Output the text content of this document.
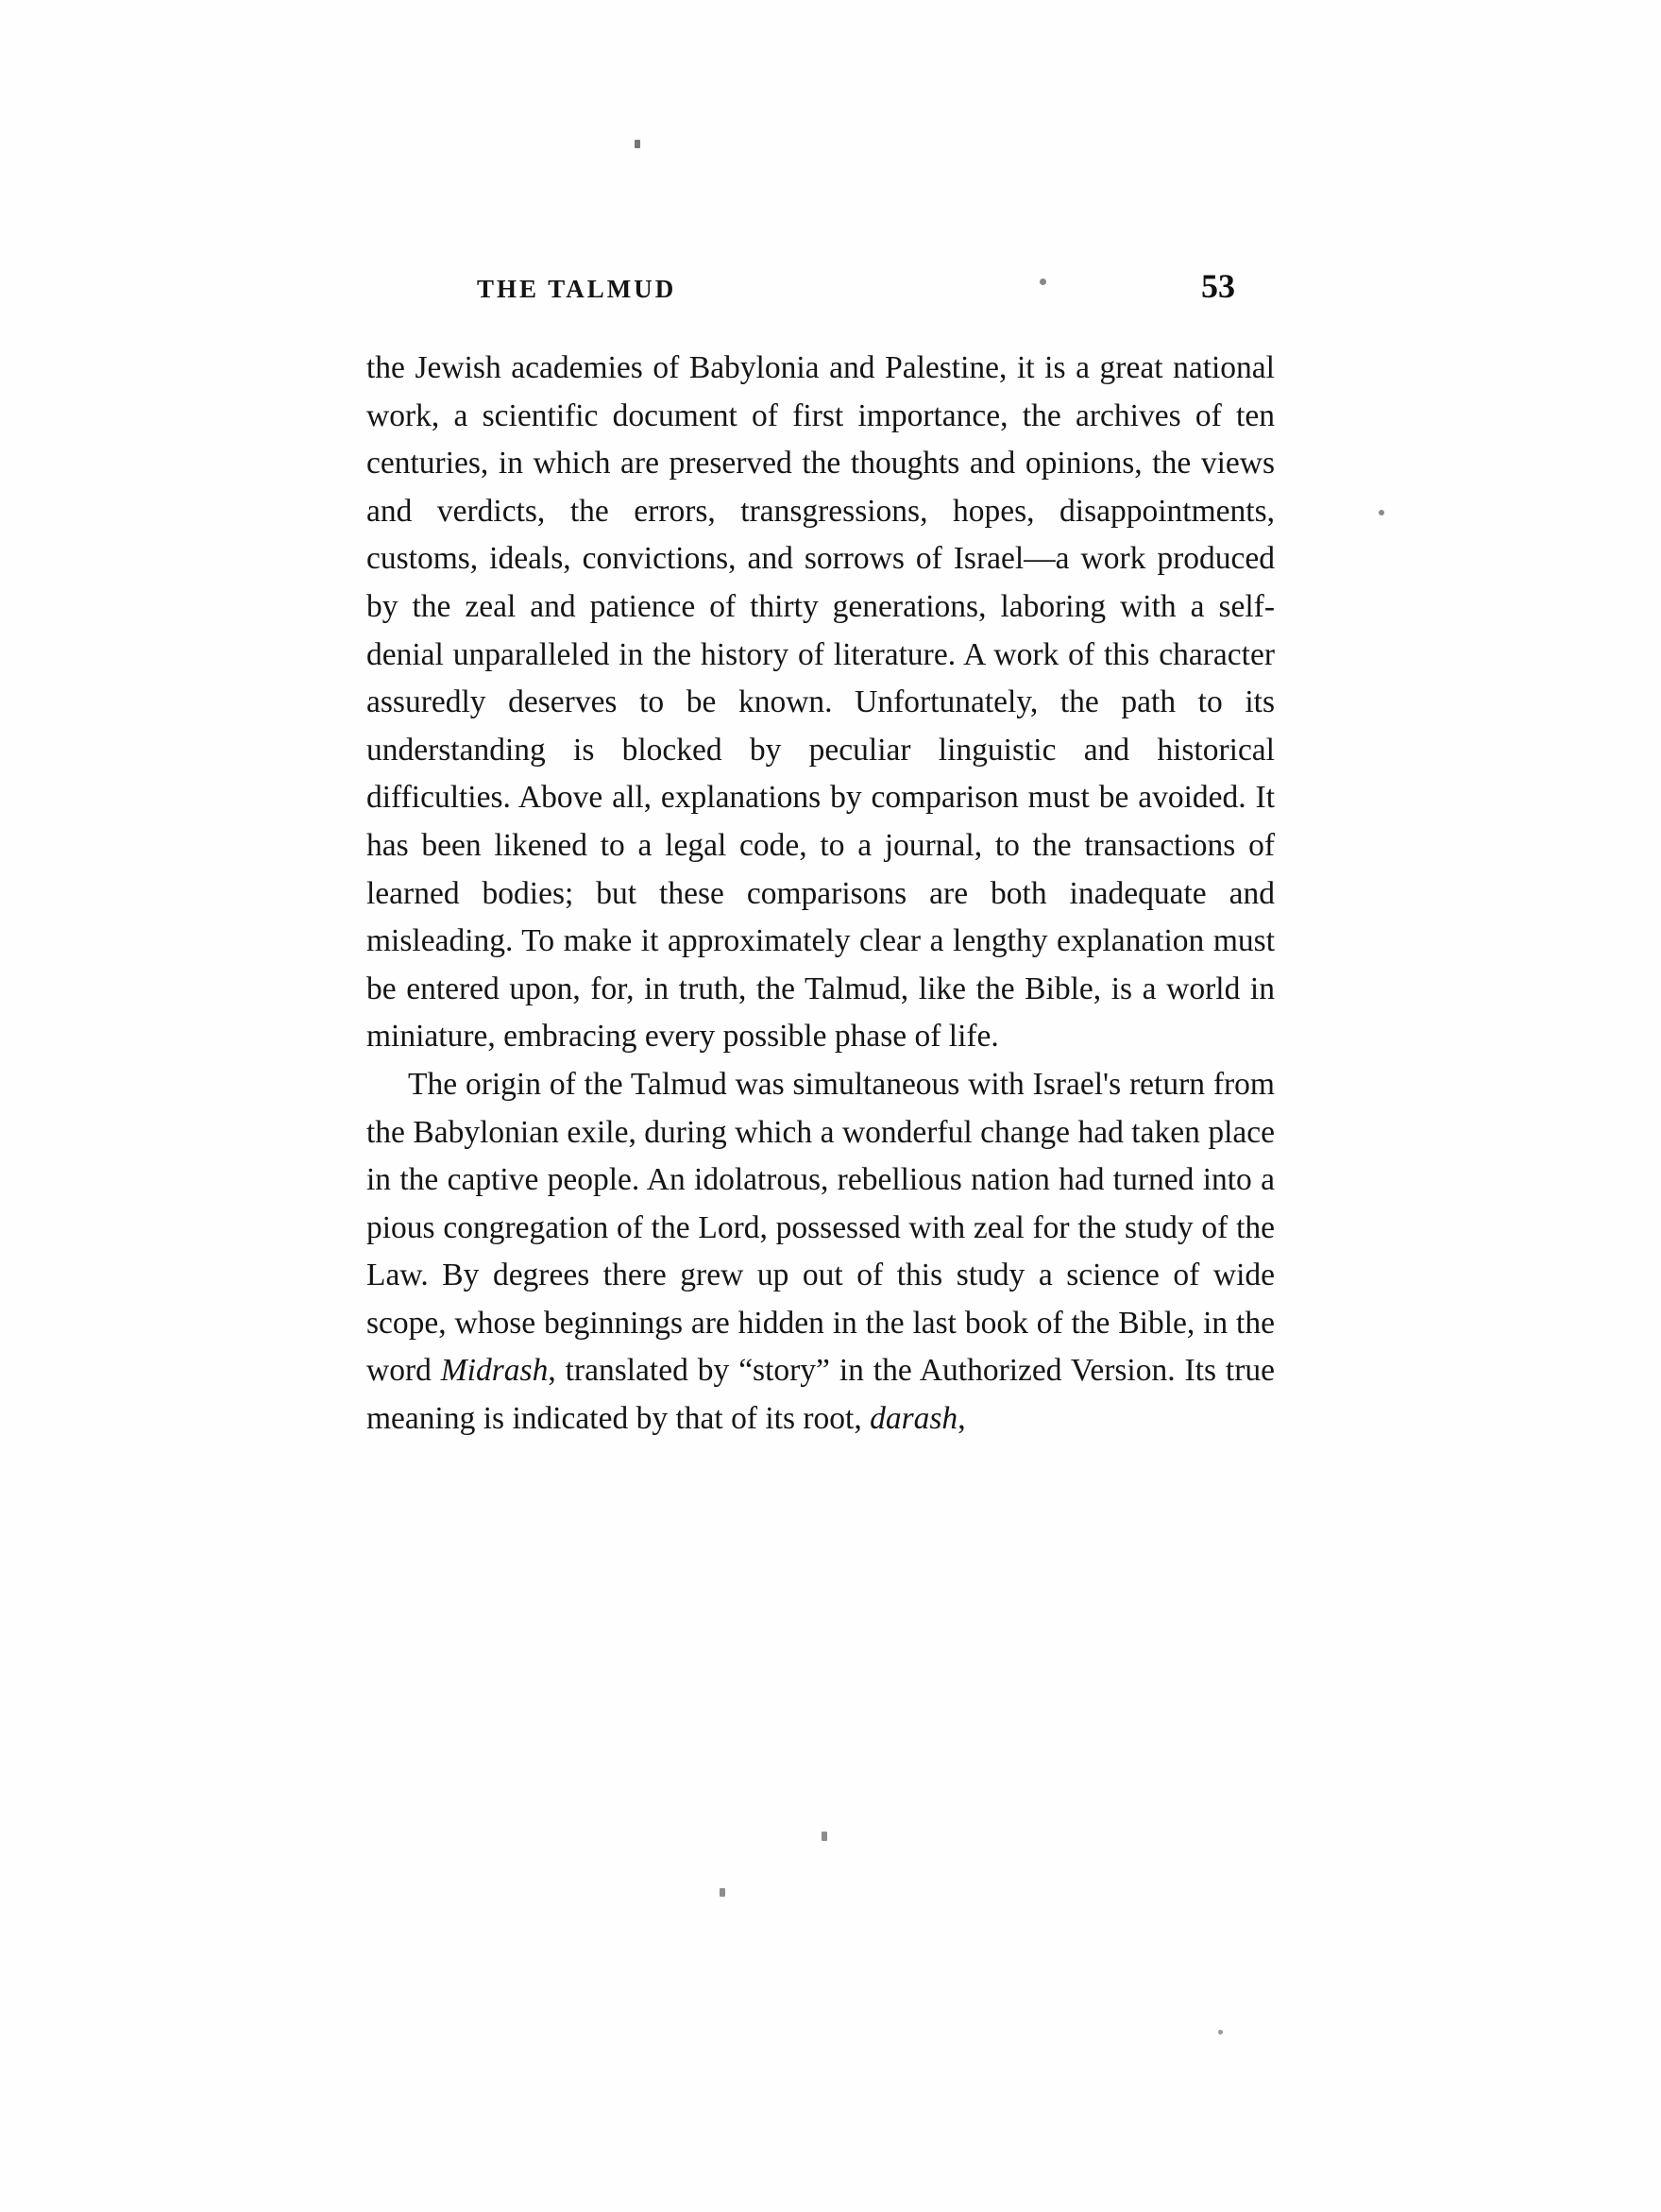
THE TALMUD	53

the Jewish academies of Babylonia and Palestine, it is a great national work, a scientific document of first importance, the archives of ten centuries, in which are preserved the thoughts and opinions, the views and verdicts, the errors, transgressions, hopes, disappointments, customs, ideals, convictions, and sorrows of Israel—a work produced by the zeal and patience of thirty generations, laboring with a self-denial unparalleled in the history of literature. A work of this character assuredly deserves to be known. Unfortunately, the path to its understanding is blocked by peculiar linguistic and historical difficulties. Above all, explanations by comparison must be avoided. It has been likened to a legal code, to a journal, to the transactions of learned bodies; but these comparisons are both inadequate and misleading. To make it approximately clear a lengthy explanation must be entered upon, for, in truth, the Talmud, like the Bible, is a world in miniature, embracing every possible phase of life.

The origin of the Talmud was simultaneous with Israel's return from the Babylonian exile, during which a wonderful change had taken place in the captive people. An idolatrous, rebellious nation had turned into a pious congregation of the Lord, possessed with zeal for the study of the Law. By degrees there grew up out of this study a science of wide scope, whose beginnings are hidden in the last book of the Bible, in the word Midrash, translated by “story” in the Authorized Version. Its true meaning is indicated by that of its root, darash,
